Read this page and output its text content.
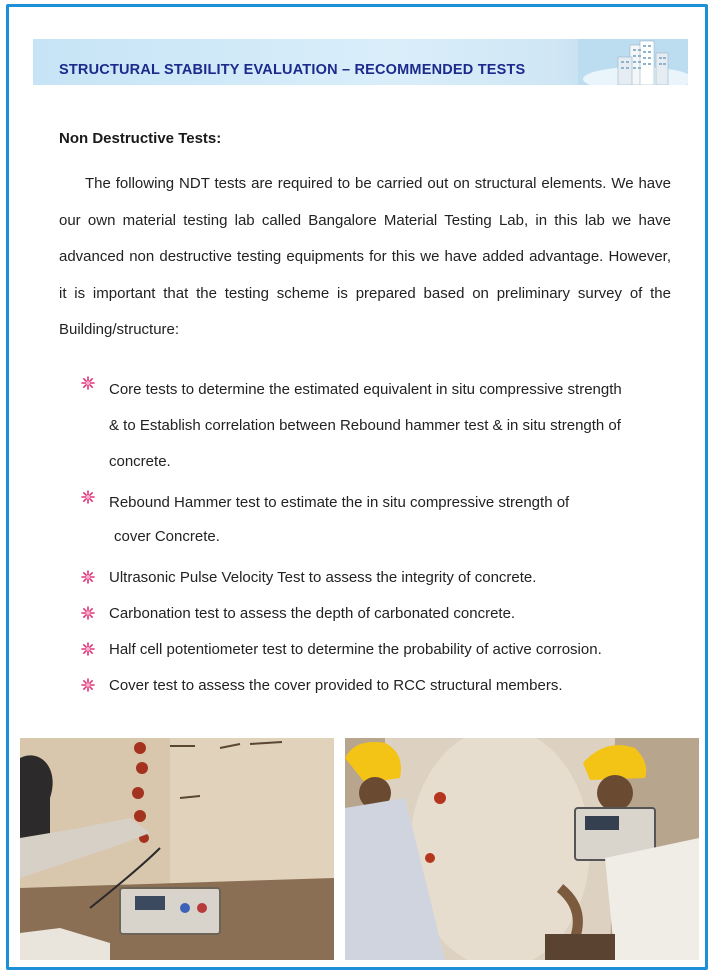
STRUCTURAL STABILITY EVALUATION – RECOMMENDED TESTS
Non Destructive Tests:
The following NDT tests are required to be carried out on structural elements. We have our own material testing lab called Bangalore Material Testing Lab, in this lab we have advanced non destructive testing equipments for this we have added advantage. However, it is important that the testing scheme is prepared based on preliminary survey of the Building/structure:
Core tests to determine the estimated equivalent in situ compressive strength
& to Establish correlation between Rebound hammer test & in situ strength of
concrete.
Rebound Hammer test to estimate the in situ compressive strength of
cover Concrete.
Ultrasonic Pulse Velocity Test to assess the integrity of concrete.
Carbonation test to assess the depth of carbonated concrete.
Half cell potentiometer test to determine the probability of active corrosion.
Cover test to assess the cover provided to RCC structural members.
